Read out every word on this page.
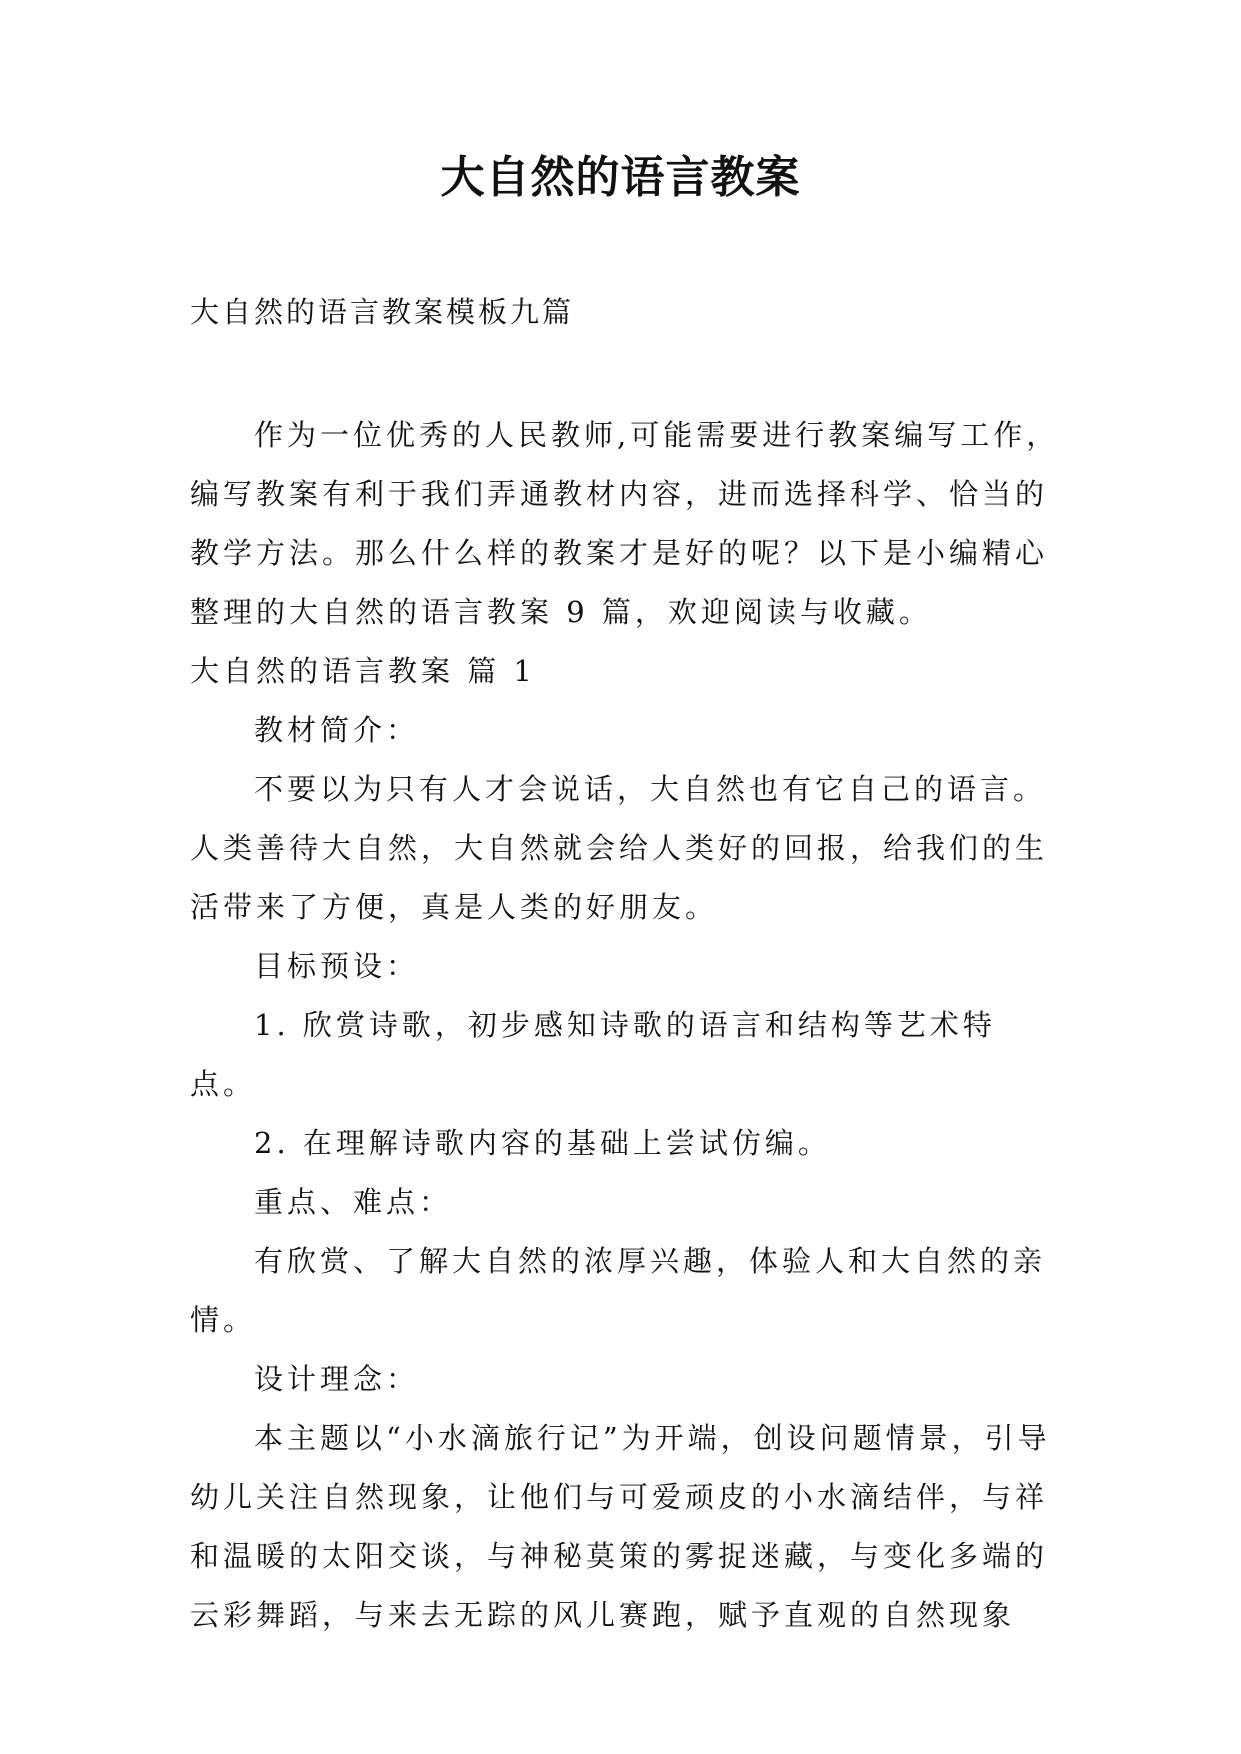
大自然的语言教案
大自然的语言教案模板九篇

作为一位优秀的人民教师,可能需要进行教案编写工作，编写教案有利于我们弄通教材内容，进而选择科学、恰当的教学方法。那么什么样的教案才是好的呢？以下是小编精心整理的大自然的语言教案 9 篇，欢迎阅读与收藏。

大自然的语言教案 篇 1

教材简介：

不要以为只有人才会说话，大自然也有它自己的语言。人类善待大自然，大自然就会给人类好的回报，给我们的生活带来了方便，真是人类的好朋友。

目标预设：

1. 欣赏诗歌，初步感知诗歌的语言和结构等艺术特点。

2. 在理解诗歌内容的基础上尝试仿编。

重点、难点：

有欣赏、了解大自然的浓厚兴趣，体验人和大自然的亲情。

设计理念：

本主题以“小水滴旅行记”为开端，创设问题情景，引导幼儿关注自然现象，让他们与可爱顽皮的小水滴结伴，与祥和温暖的太阳交谈，与神秘莫策的雾捉迷藏，与变化多端的云彩舞蹈，与来去无踪的风儿赛跑，赋予直观的自然现象
